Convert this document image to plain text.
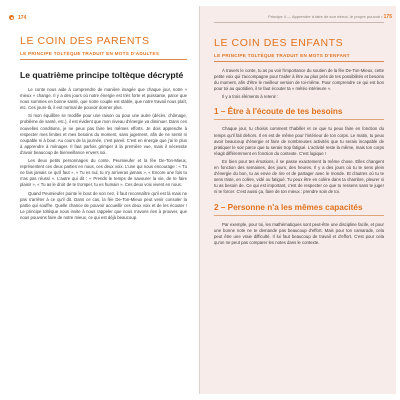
174
LE COIN DES PARENTS
LE PRINCIPE TOLTÈQUE TRADUIT EN MOTS D'ADULTES
Le quatrième principe toltèque décrypté

Le conte nous aide à comprendre de manière imagée que chaque jour, notre « mieux » change. Il y a des jours où notre énergie est très forte et puissante, parce que nous sommes en bonne santé, que notre couple est stable, que notre travail nous plaît, etc. Ces jours-là, il est normal de pouvoir donner plus.

Si mon équilibre se modifie pour une raison ou pour une autre (décès, chômage, problème de santé, etc.), il est évident que mon niveau d'énergie va diminuer. Dans ces nouvelles conditions, je ne peux pas faire les mêmes efforts. Je dois apprendre à respecter mes limites et mes besoins du moment, sans jugement, afin de ne sentir ni coupable ni à bout. Au cours de la journée, c'est pareil. C'est en énergie que j'ai le plus à apprendre à ménager. Il faut parfois grimper à la première vue, mais il nécessite d'avoir beaucoup de bienveillance envers soi.

Les deux petits personnages du conte, Peumieufer et la fée De-Ton-Mieux, représentent ces deux parties en nous, ces deux voix. L'une qui nous encourage : « Tu ne fais jamais ce qu'il faut », « Tu es nul, tu n'y arriveras jamais », « Encore une fois tu n'as pas réussi ». L'autre qui dit : « Prends le temps de savourer la vie, de te faire plaisir », « Tu as le droit de te tromper, tu es humain ». Ces deux voix vivent en nous.

Quand Peumieufer pointe le bout de son nez, il faut reconnaître qu'il est là mais ne pas s'arrêter à ce qu'il dit. Dans ce cas, la fée De-Ton-Mieux peut venir consoler la partie qui souffre. Quelle chance de pouvoir accueillir ces deux voix et de les écouter ! Le principe toltèque nous invite à nous rappeler que nous n'avons rien à prouver, que nous pouvons faire de notre mieux, ce qui est déjà beaucoup.

Principe 4 — Apprendre à faire de son mieux, le propre pouvoir • 175
LE COIN DES ENFANTS
LE PRINCIPE TOLTÈQUE TRADUIT EN MOTS D'ENFANT

À travers le conte, tu as pu voir l'importance du soutien de la fée De-Ton-Mieux, cette petite voix qui t'accompagne pour t'aider à être au plus près de tes possibilités et besoins du moment, afin d'être le meilleur version de toi-même. Pour comprendre ce qui est bon pour toi au quotidien, il te faut écouter ta « météo intérieure ».

Il y a trois éléments à retenir :

1 – Être à l'écoute de tes besoins

Chaque jour, tu choisis comment t'habiller et ce que tu peux faire en fonction du temps qu'il fait dehors. Il en est de même pour l'intérieur de ton corps. Le matin, tu peux avoir beaucoup d'énergie et faire de nombreuses activités que tu serais incapable de pratiquer le soir parce que tu serais trop fatigué. L'activité reste la même, mais ton corps réagit différemment en fonction du contexte. C'est logique !

En bien pour tes émotions, il se passe exactement la même chose. Elles changent en fonction des semaines, des jours, des heures. Il y a des jours où tu te sens plein d'énergie du bon, tu as envie de rire et de partager avec le monde. Et d'autres où tu te sens triste, en colère, vidé ou fatigué. Tu peux être en colère dans ta chambre, pleurer si tu as besoin de. Ce qui est important, c'est de respecter ce que tu ressens sans te juger ni te forcer. C'est aussi ça, faire de ton mieux : prendre soin de toi.

2 – Personne n'a les mêmes capacités

Par exemple, pour toi, les mathématiques sont peut-être une discipline facile, et pour une bonne note ne te demande pas beaucoup d'effort. Mais pour ton camarade, cela peut être une vraie difficulté. Il lui faut beaucoup de travail et d'effort. C'est pour cela qu'on ne peut pas comparer les notes dans le contexte.
